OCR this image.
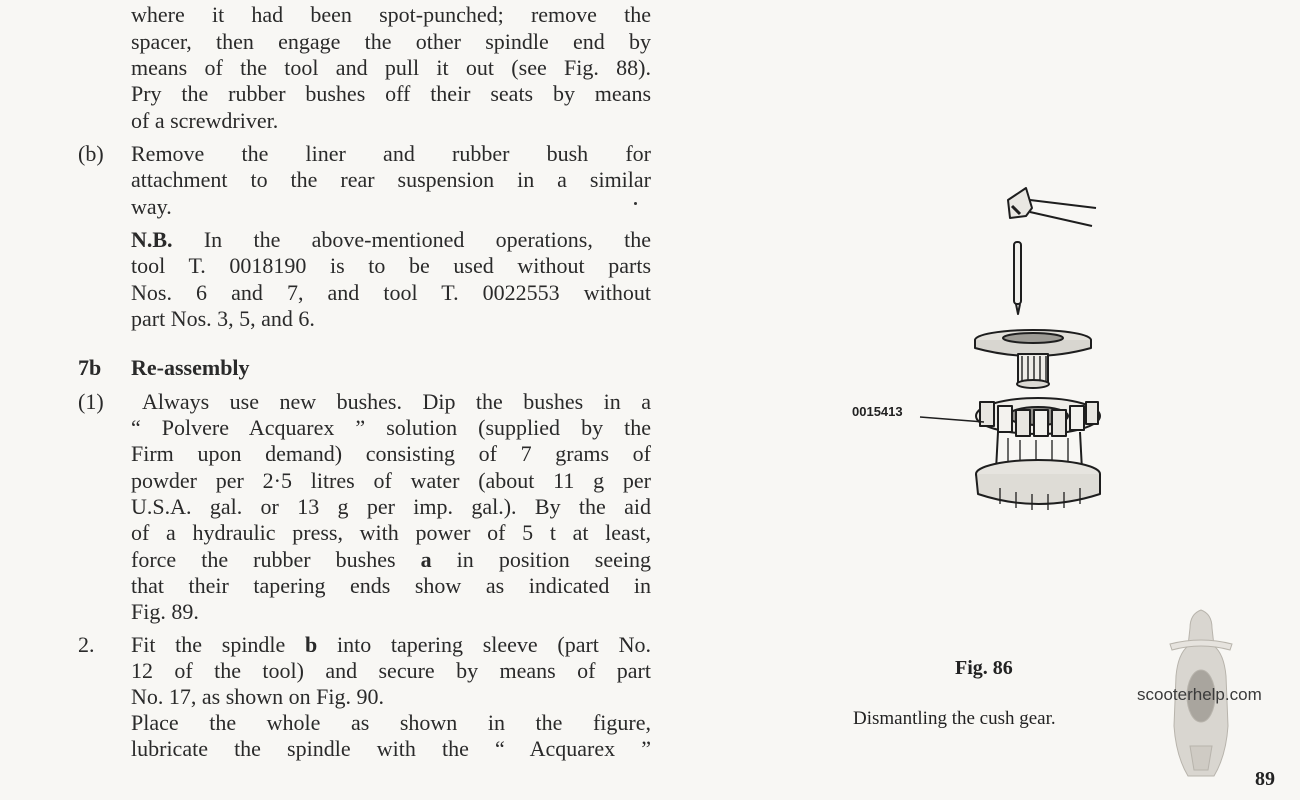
where it had been spot-punched; remove the
spacer, then engage the other spindle end by
means of the tool and pull it out (see Fig. 88).
Pry the rubber bushes off their seats by means
of a screwdriver.
(b) Remove the liner and rubber bush for
attachment to the rear suspension in a similar
way.
N.B. In the above-mentioned operations, the
tool T. 0018190 is to be used without parts
Nos. 6 and 7, and tool T. 0022553 without
part Nos. 3, 5, and 6.
7b Re-assembly
(1) Always use new bushes. Dip the bushes in a
“ Polvere Acquarex ” solution (supplied by the
Firm upon demand) consisting of 7 grams of
powder per 2·5 litres of water (about 11 g per
U.S.A. gal. or 13 g per imp. gal.). By the aid
of a hydraulic press, with power of 5 t at least,
force the rubber bushes a in position seeing
that their tapering ends show as indicated in
Fig. 89.
2. Fit the spindle b into tapering sleeve (part No.
12 of the tool) and secure by means of part
No. 17, as shown on Fig. 90.
Place the whole as shown in the figure,
lubricate the spindle with the “ Acquarex ”
0015413
Fig. 86
Dismantling the cush gear.
scooterhelp.com
89
